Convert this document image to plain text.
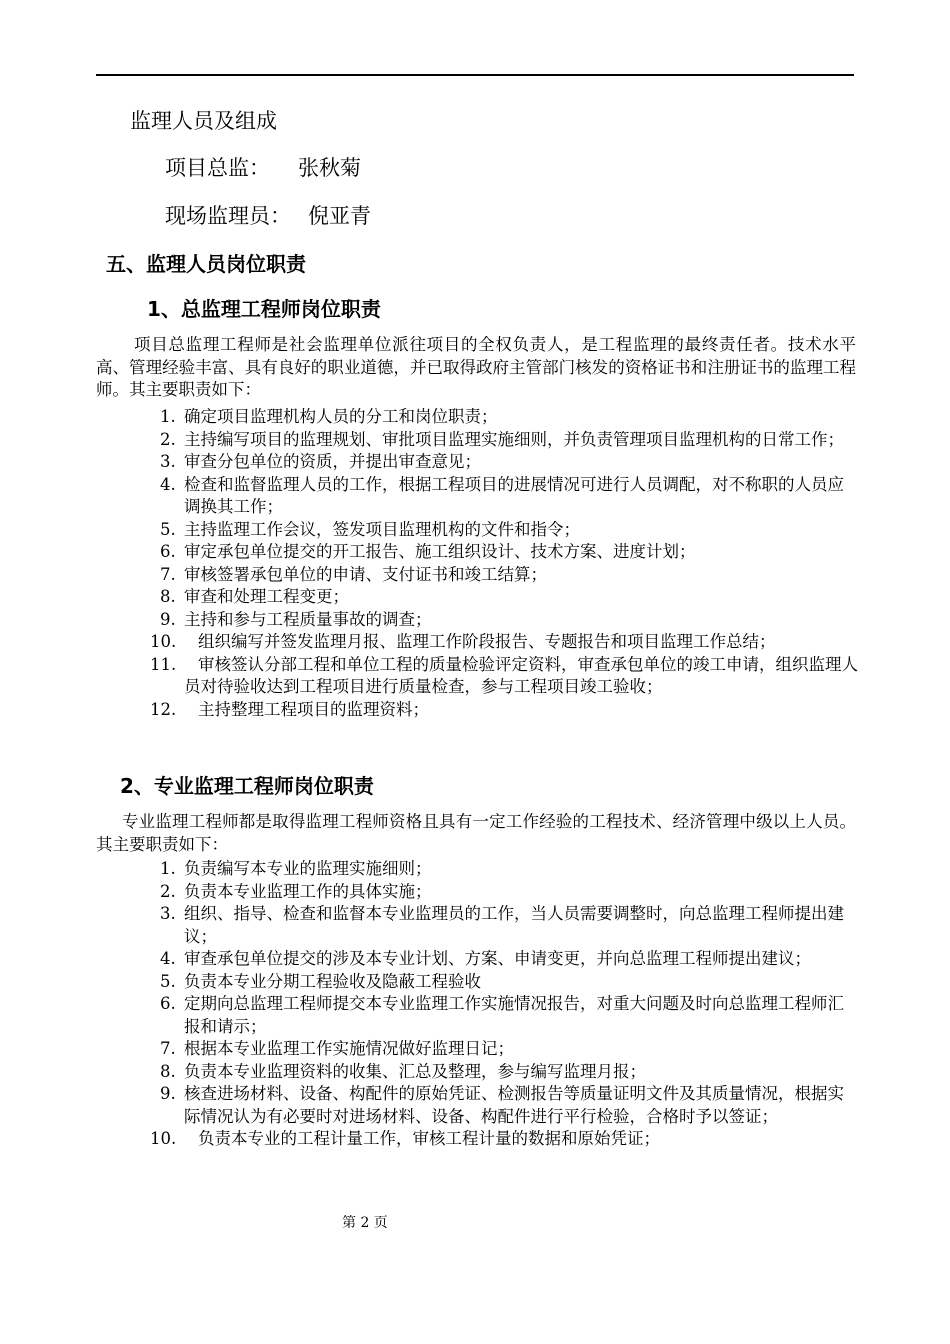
监理人员及组成
项目总监： 张秋菊
现场监理员： 倪亚青
五、监理人员岗位职责
1、总监理工程师岗位职责
项目总监理工程师是社会监理单位派往项目的全权负责人，是工程监理的最终责任者。技术水平高、管理经验丰富、具有良好的职业道德，并已取得政府主管部门核发的资格证书和注册证书的监理工程师。其主要职责如下：
1. 确定项目监理机构人员的分工和岗位职责；
2. 主持编写项目的监理规划、审批项目监理实施细则，并负责管理项目监理机构的日常工作；
3. 审查分包单位的资质，并提出审查意见；
4. 检查和监督监理人员的工作，根据工程项目的进展情况可进行人员调配，对不称职的人员应调换其工作；
5. 主持监理工作会议，签发项目监理机构的文件和指令；
6. 审定承包单位提交的开工报告、施工组织设计、技术方案、进度计划；
7. 审核签署承包单位的申请、支付证书和竣工结算；
8. 审查和处理工程变更；
9. 主持和参与工程质量事故的调查；
10.	组织编写并签发监理月报、监理工作阶段报告、专题报告和项目监理工作总结；
11.	审核签认分部工程和单位工程的质量检验评定资料，审查承包单位的竣工申请，组织监理人员对待验收达到工程项目进行质量检查，参与工程项目竣工验收；
12.	主持整理工程项目的监理资料；
2、专业监理工程师岗位职责
专业监理工程师都是取得监理工程师资格且具有一定工作经验的工程技术、经济管理中级以上人员。其主要职责如下：
1. 负责编写本专业的监理实施细则；
2. 负责本专业监理工作的具体实施；
3. 组织、指导、检查和监督本专业监理员的工作，当人员需要调整时，向总监理工程师提出建议；
4. 审查承包单位提交的涉及本专业计划、方案、申请变更，并向总监理工程师提出建议；
5. 负责本专业分期工程验收及隐蔽工程验收
6. 定期向总监理工程师提交本专业监理工作实施情况报告，对重大问题及时向总监理工程师汇报和请示；
7. 根据本专业监理工作实施情况做好监理日记；
8. 负责本专业监理资料的收集、汇总及整理，参与编写监理月报；
9. 核查进场材料、设备、构配件的原始凭证、检测报告等质量证明文件及其质量情况，根据实际情况认为有必要时对进场材料、设备、构配件进行平行检验，合格时予以签证；
10.	负责本专业的工程计量工作，审核工程计量的数据和原始凭证；
第 2 页
